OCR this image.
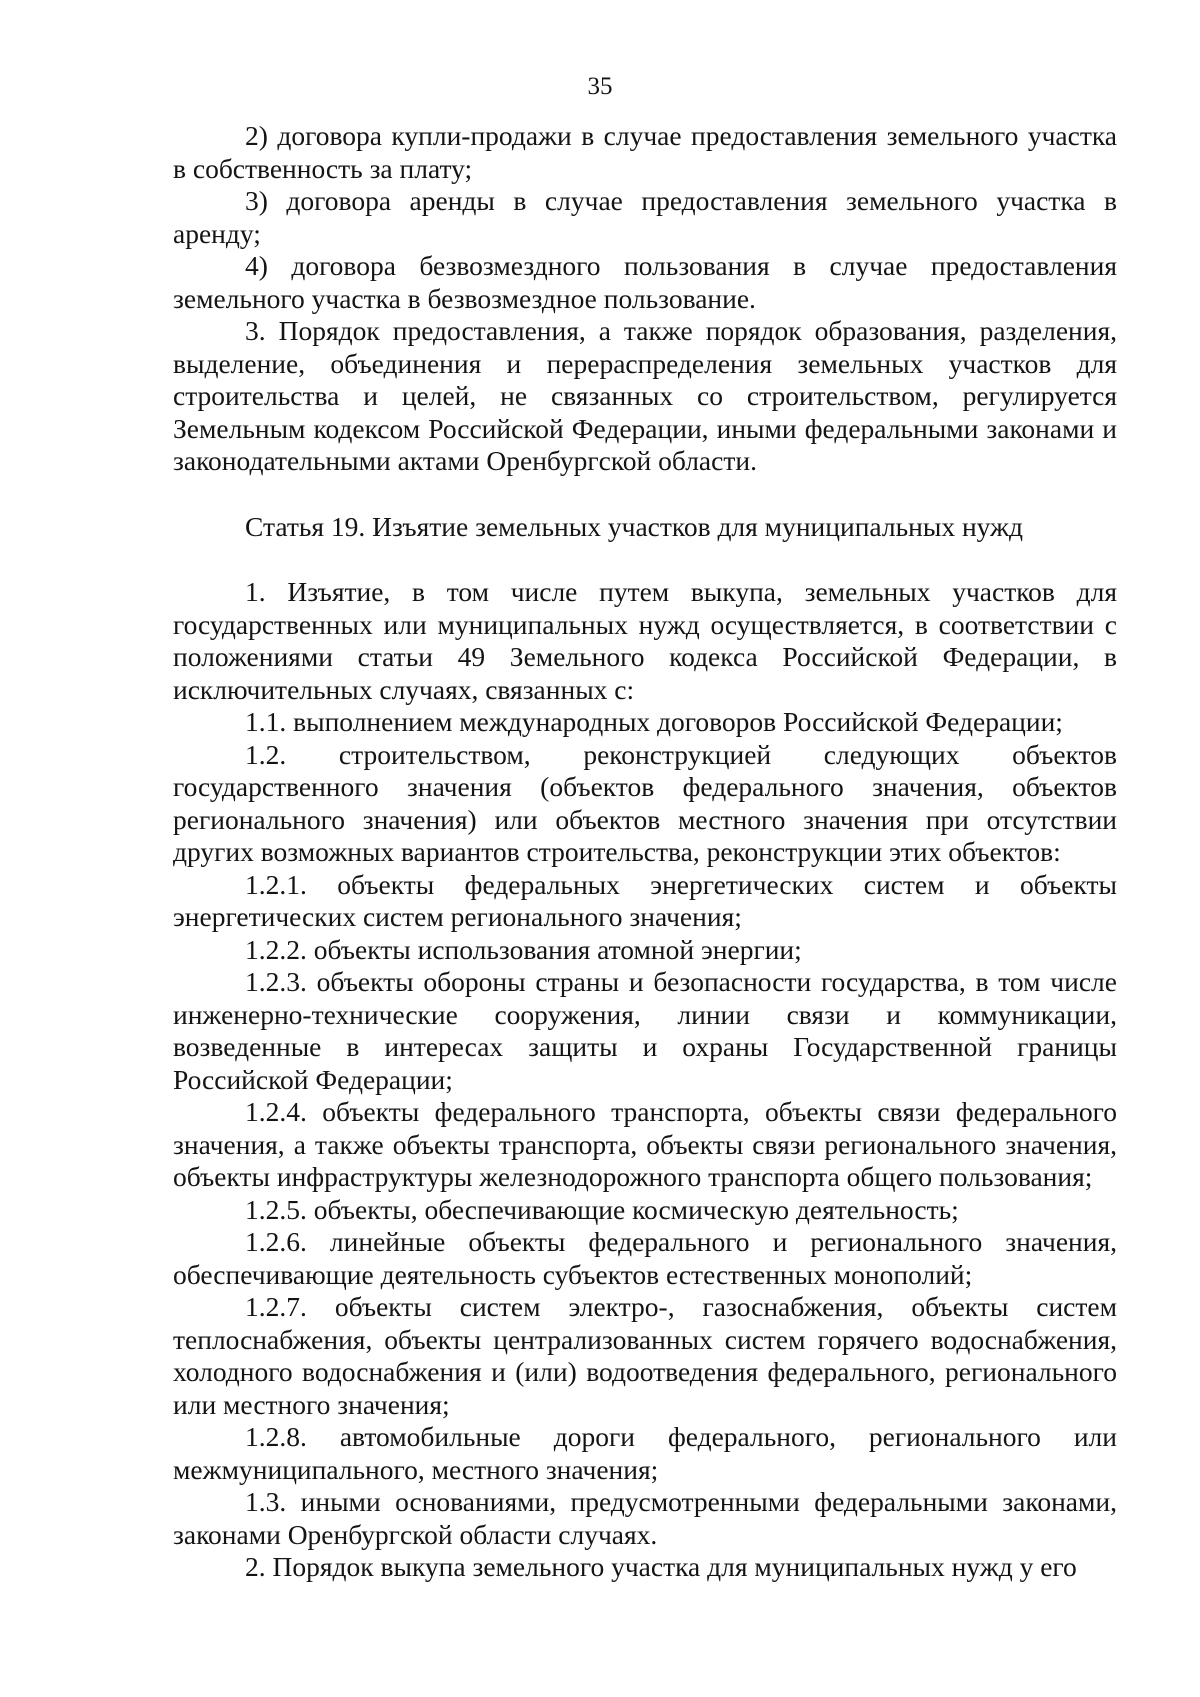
35

2) договора купли-продажи в случае предоставления земельного участка в собственность за плату;

3) договора аренды в случае предоставления земельного участка в аренду;

4) договора безвозмездного пользования в случае предоставления земельного участка в безвозмездное пользование.

3. Порядок предоставления, а также порядок образования, разделения, выделение, объединения и перераспределения земельных участков для строительства и целей, не связанных со строительством, регулируется Земельным кодексом Российской Федерации, иными федеральными законами и законодательными актами Оренбургской области.

Статья 19. Изъятие земельных участков для муниципальных нужд

1. Изъятие, в том числе путем выкупа, земельных участков для государственных или муниципальных нужд осуществляется, в соответствии с положениями статьи 49 Земельного кодекса Российской Федерации, в исключительных случаях, связанных с:

1.1. выполнением международных договоров Российской Федерации;

1.2. строительством, реконструкцией следующих объектов государственного значения (объектов федерального значения, объектов регионального значения) или объектов местного значения при отсутствии других возможных вариантов строительства, реконструкции этих объектов:

1.2.1. объекты федеральных энергетических систем и объекты энергетических систем регионального значения;

1.2.2. объекты использования атомной энергии;

1.2.3. объекты обороны страны и безопасности государства, в том числе инженерно-технические сооружения, линии связи и коммуникации, возведенные в интересах защиты и охраны Государственной границы Российской Федерации;

1.2.4. объекты федерального транспорта, объекты связи федерального значения, а также объекты транспорта, объекты связи регионального значения, объекты инфраструктуры железнодорожного транспорта общего пользования;

1.2.5. объекты, обеспечивающие космическую деятельность;

1.2.6. линейные объекты федерального и регионального значения, обеспечивающие деятельность субъектов естественных монополий;

1.2.7. объекты систем электро-, газоснабжения, объекты систем теплоснабжения, объекты централизованных систем горячего водоснабжения, холодного водоснабжения и (или) водоотведения федерального, регионального или местного значения;

1.2.8. автомобильные дороги федерального, регионального или межмуниципального, местного значения;

1.3. иными основаниями, предусмотренными федеральными законами, законами Оренбургской области случаях.

2. Порядок выкупа земельного участка для муниципальных нужд у его
